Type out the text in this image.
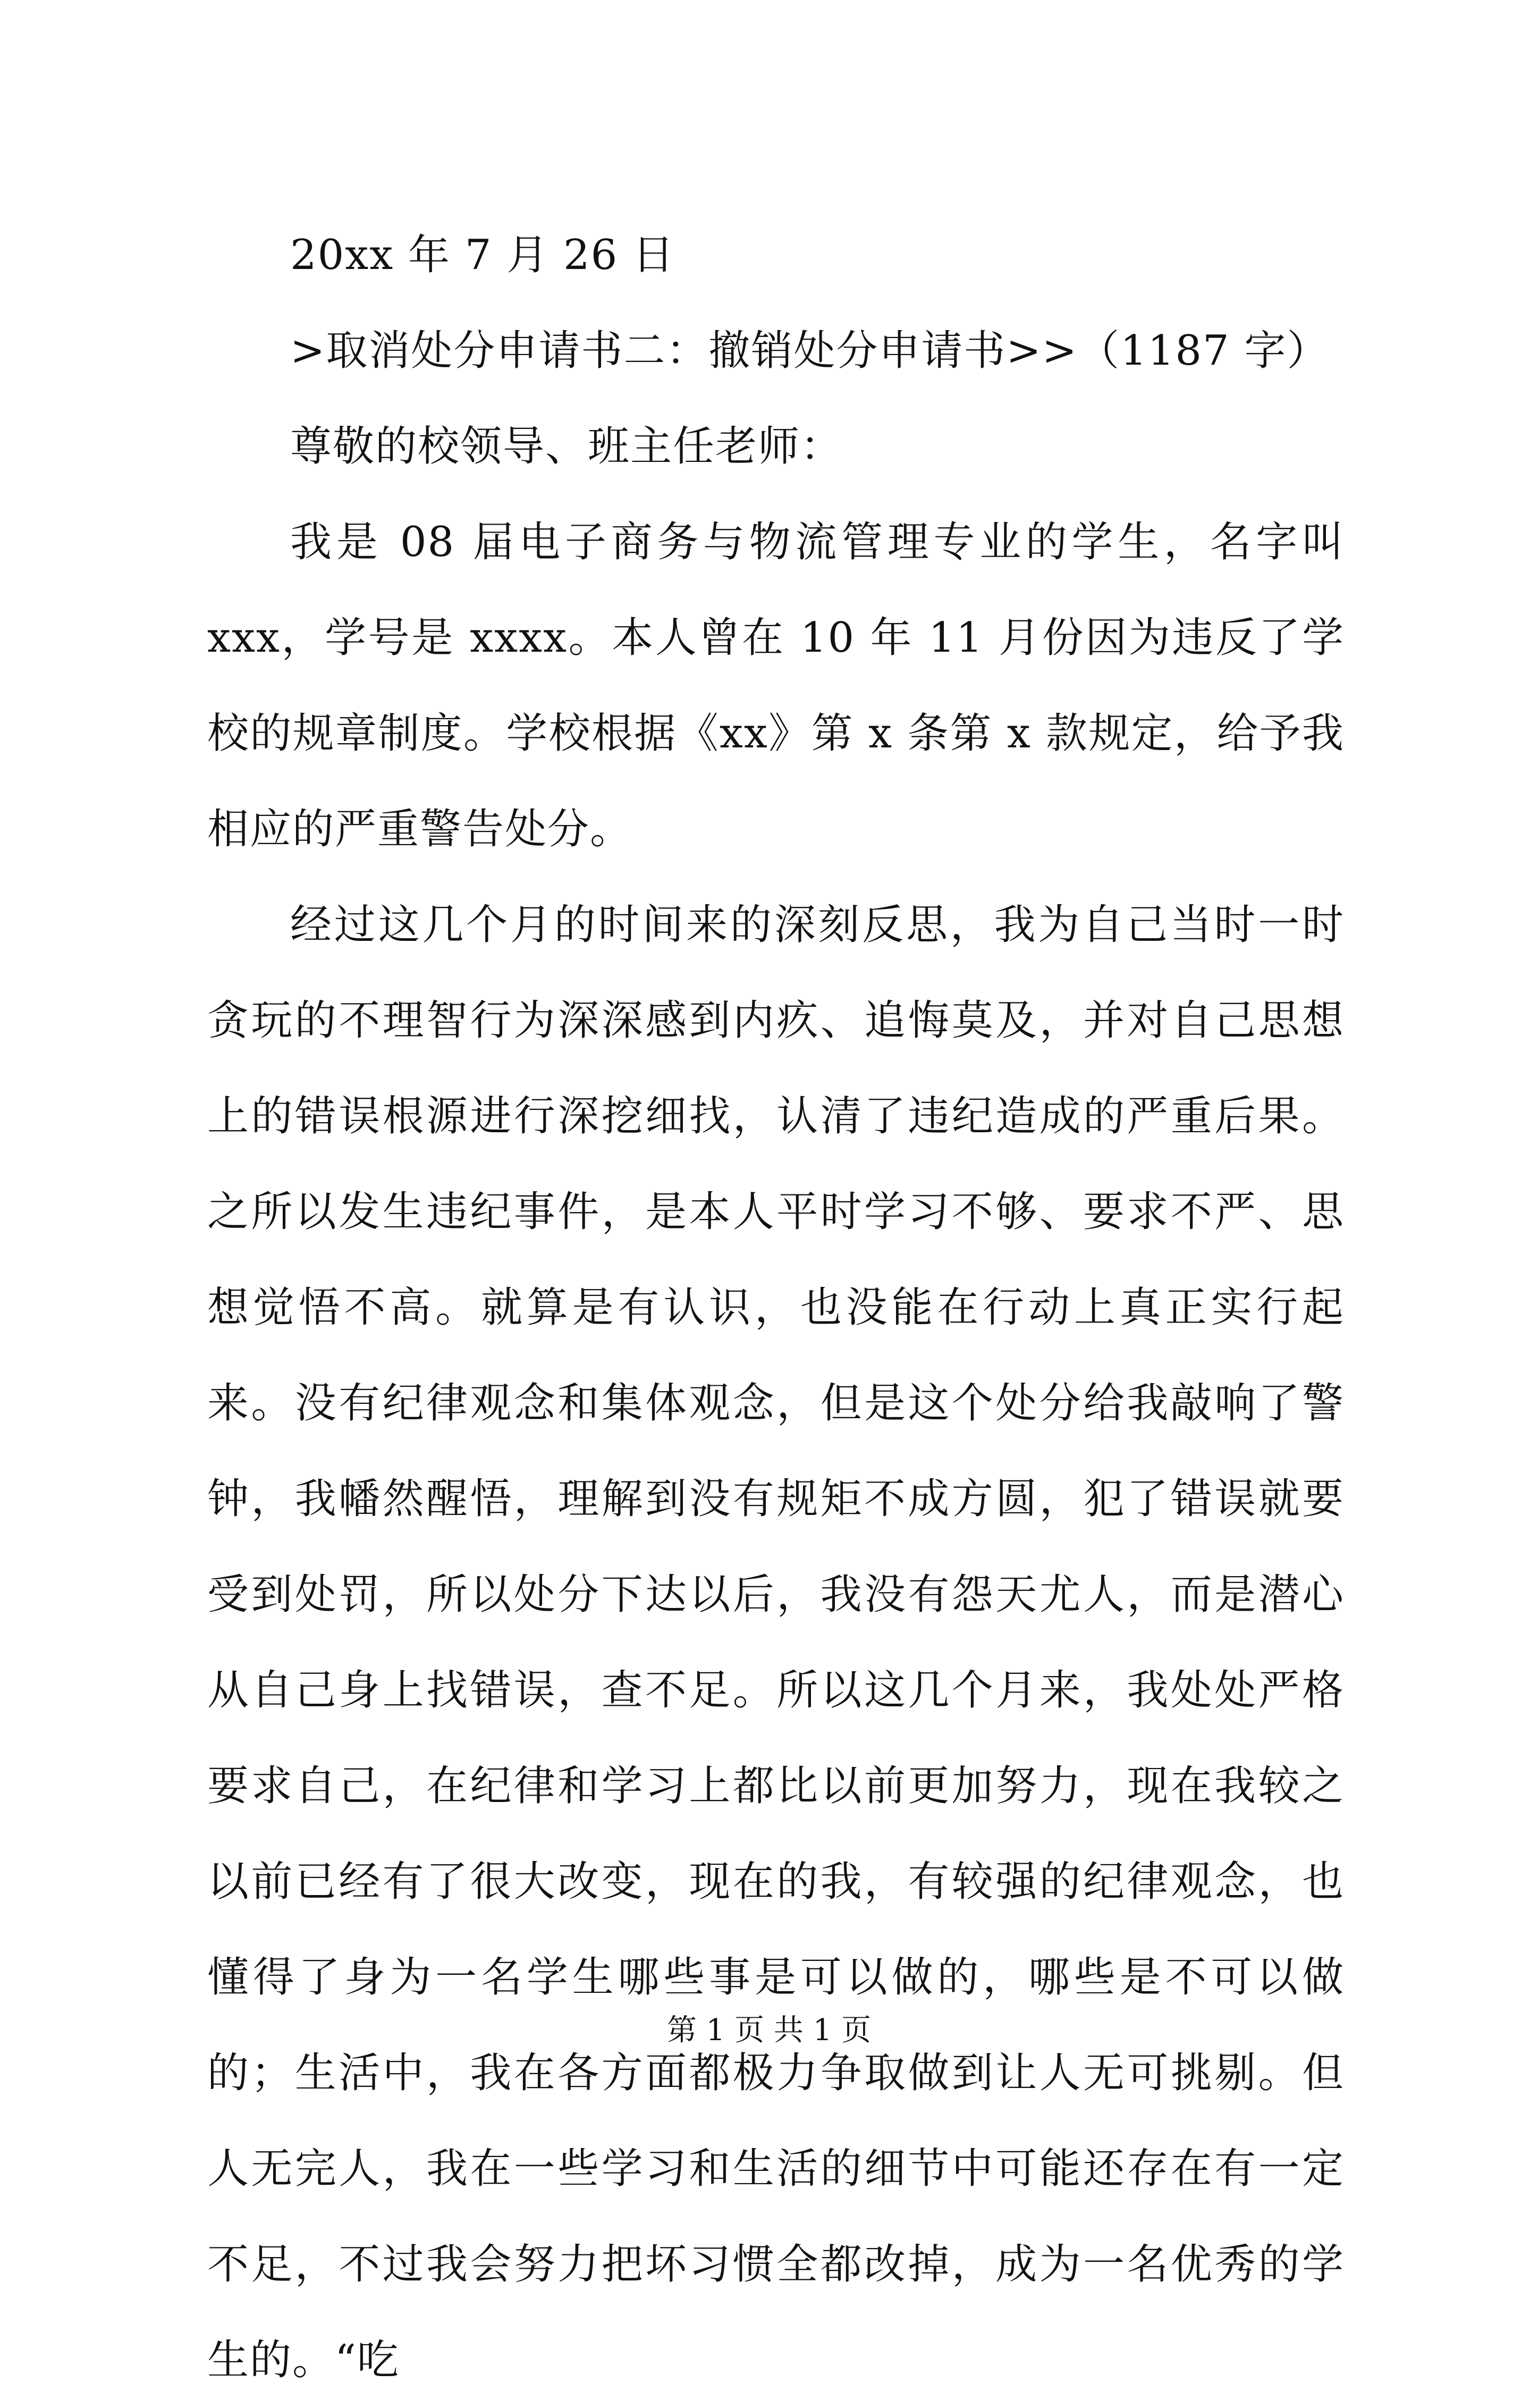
20xx 年 7 月 26 日

>取消处分申请书二：撤销处分申请书>>（1187 字）

尊敬的校领导、班主任老师：

我是 08 届电子商务与物流管理专业的学生，名字叫 xxx，学号是 xxxx。本人曾在 10 年 11 月份因为违反了学校的规章制度。学校根据《xx》第 x 条第 x 款规定，给予我相应的严重警告处分。

经过这几个月的时间来的深刻反思，我为自己当时一时贪玩的不理智行为深深感到内疚、追悔莫及，并对自己思想上的错误根源进行深挖细找，认清了违纪造成的严重后果。之所以发生违纪事件，是本人平时学习不够、要求不严、思想觉悟不高。就算是有认识，也没能在行动上真正实行起来。没有纪律观念和集体观念，但是这个处分给我敲响了警钟，我幡然醒悟，理解到没有规矩不成方圆，犯了错误就要受到处罚，所以处分下达以后，我没有怨天尤人，而是潜心从自己身上找错误，查不足。所以这几个月来，我处处严格要求自己，在纪律和学习上都比以前更加努力，现在我较之以前已经有了很大改变，现在的我，有较强的纪律观念，也懂得了身为一名学生哪些事是可以做的，哪些是不可以做的；生活中，我在各方面都极力争取做到让人无可挑剔。但人无完人，我在一些学习和生活的细节中可能还存在有一定不足，不过我会努力把坏习惯全都改掉，成为一名优秀的学生的。“吃

第 1 页 共 1 页
